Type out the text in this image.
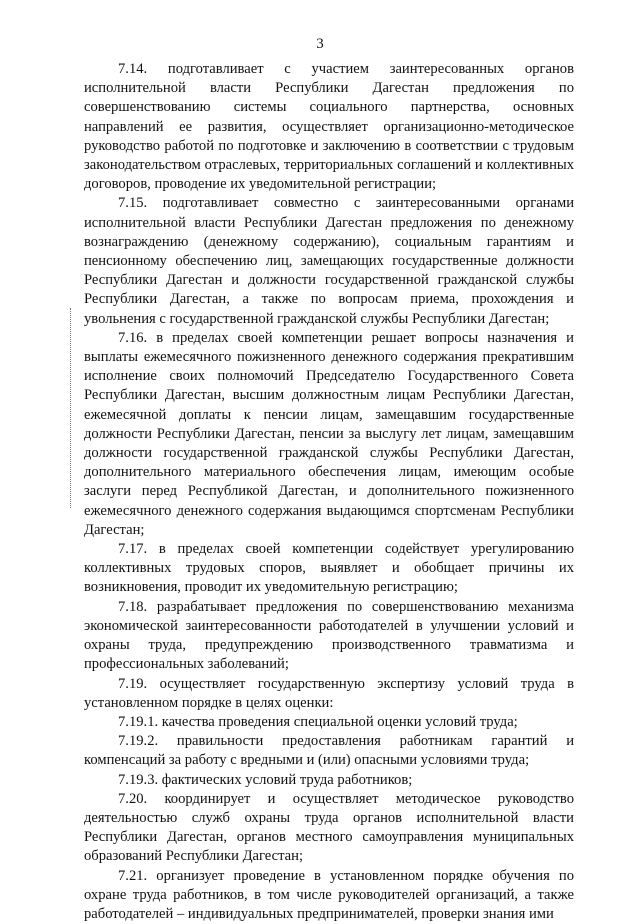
3

7.14. подготавливает с участием заинтересованных органов исполнительной власти Республики Дагестан предложения по совершенствованию системы социального партнерства, основных направлений ее развития, осуществляет организационно-методическое руководство работой по подготовке и заключению в соответствии с трудовым законодательством отраслевых, территориальных соглашений и коллективных договоров, проводение их уведомительной регистрации;

7.15. подготавливает совместно с заинтересованными органами исполнительной власти Республики Дагестан предложения по денежному вознаграждению (денежному содержанию), социальным гарантиям и пенсионному обеспечению лиц, замещающих государственные должности Республики Дагестан и должности государственной гражданской службы Республики Дагестан, а также по вопросам приема, прохождения и увольнения с государственной гражданской службы Республики Дагестан;

7.16. в пределах своей компетенции решает вопросы назначения и выплаты ежемесячного пожизненного денежного содержания прекратившим исполнение своих полномочий Председателю Государственного Совета Республики Дагестан, высшим должностным лицам Республики Дагестан, ежемесячной доплаты к пенсии лицам, замещавшим государственные должности Республики Дагестан, пенсии за выслугу лет лицам, замещавшим должности государственной гражданской службы Республики Дагестан, дополнительного материального обеспечения лицам, имеющим особые заслуги перед Республикой Дагестан, и дополнительного пожизненного ежемесячного денежного содержания выдающимся спортсменам Республики Дагестан;

7.17. в пределах своей компетенции содействует урегулированию коллективных трудовых споров, выявляет и обобщает причины их возникновения, проводит их уведомительную регистрацию;

7.18. разрабатывает предложения по совершенствованию механизма экономической заинтересованности работодателей в улучшении условий и охраны труда, предупреждению производственного травматизма и профессиональных заболеваний;

7.19. осуществляет государственную экспертизу условий труда в установленном порядке в целях оценки:

7.19.1. качества проведения специальной оценки условий труда;

7.19.2. правильности предоставления работникам гарантий и компенсаций за работу с вредными и (или) опасными условиями труда;

7.19.3. фактических условий труда работников;

7.20. координирует и осуществляет методическое руководство деятельностью служб охраны труда органов исполнительной власти Республики Дагестан, органов местного самоуправления муниципальных образований Республики Дагестан;

7.21. организует проведение в установленном порядке обучения по охране труда работников, в том числе руководителей организаций, а также работодателей – индивидуальных предпринимателей, проверки знания ими
